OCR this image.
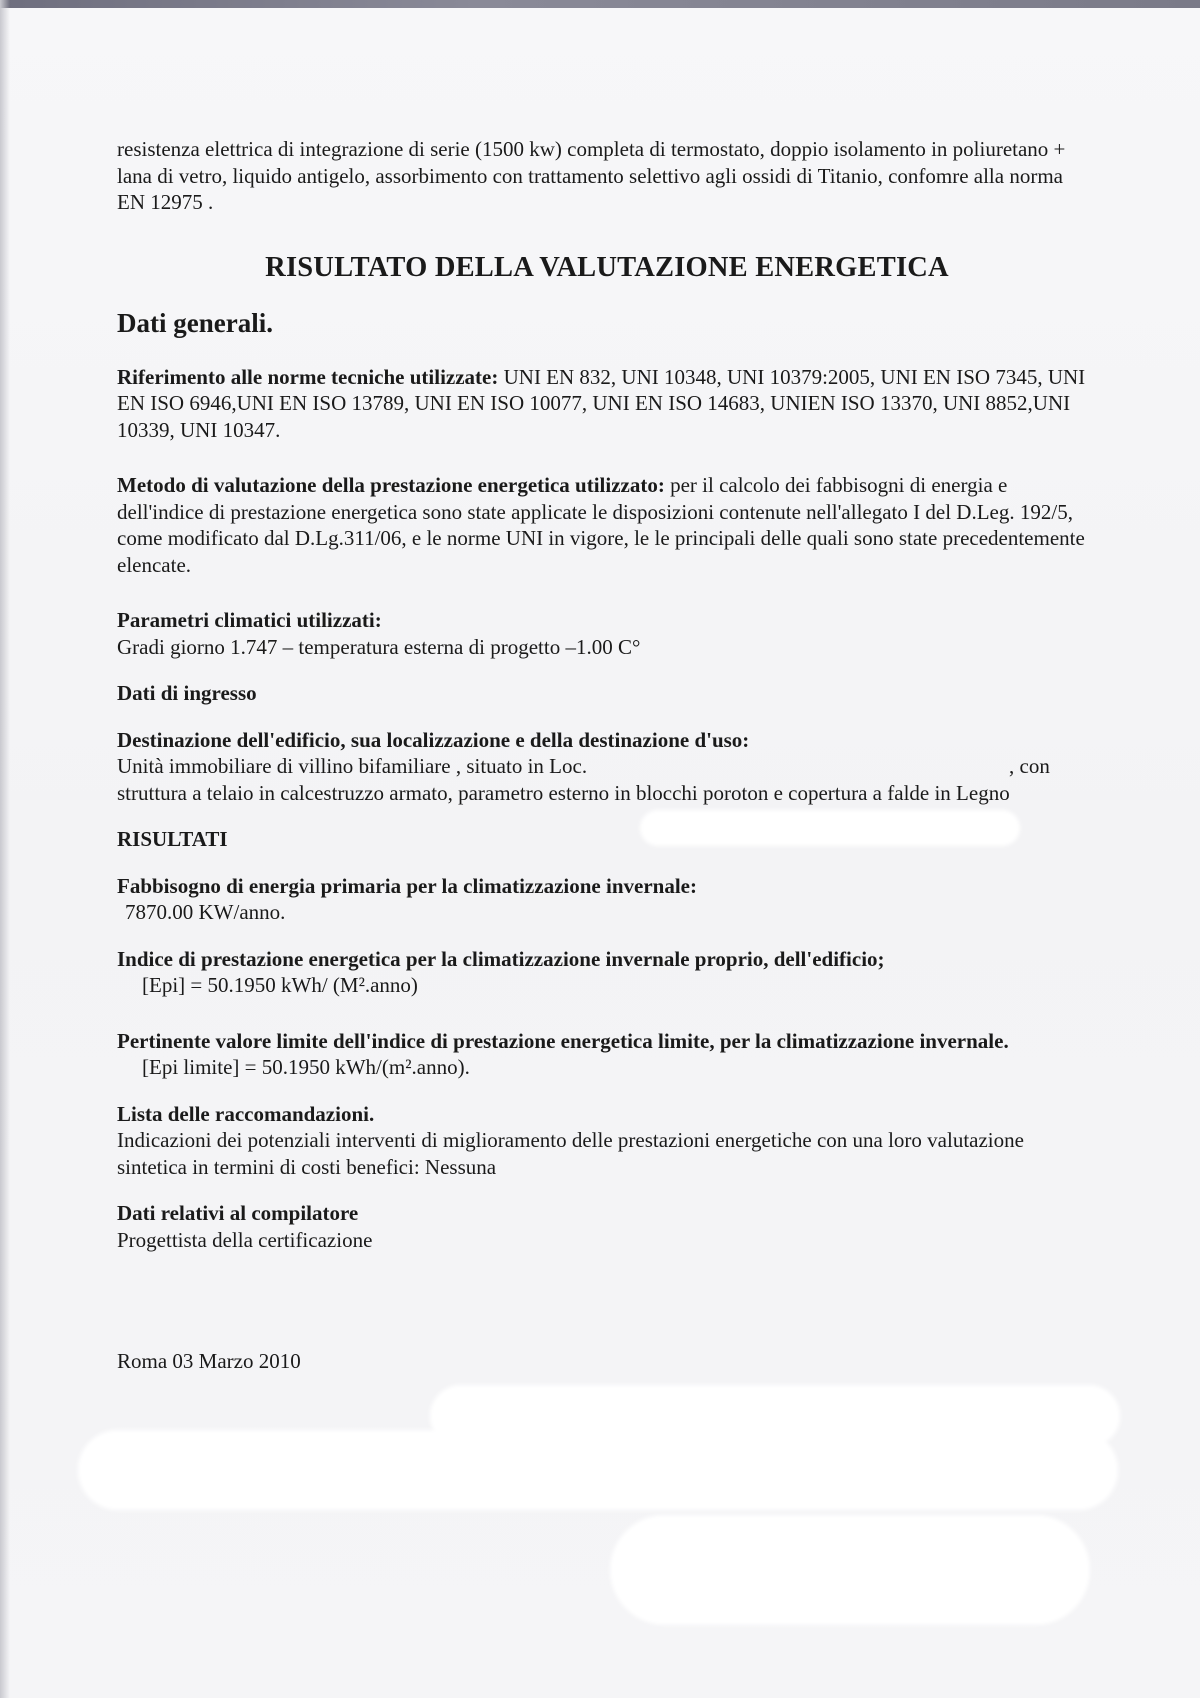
resistenza elettrica di integrazione di serie (1500 kw) completa di termostato, doppio isolamento in poliuretano + lana di vetro, liquido antigelo, assorbimento con trattamento selettivo agli ossidi di Titanio, confomre alla norma EN 12975 .

RISULTATO DELLA VALUTAZIONE ENERGETICA

Dati generali.

Riferimento alle norme tecniche utilizzate: UNI EN 832, UNI 10348, UNI 10379:2005, UNI EN ISO 7345, UNI EN ISO 6946,UNI EN ISO 13789, UNI EN ISO 10077, UNI EN ISO 14683, UNIEN ISO 13370, UNI 8852,UNI 10339, UNI 10347.

Metodo di valutazione della prestazione energetica utilizzato: per il calcolo dei fabbisogni di energia e dell'indice di prestazione energetica sono state applicate le disposizioni contenute nell'allegato I del D.Leg. 192/5, come modificato dal D.Lg.311/06, e le norme UNI in vigore, le le principali delle quali sono state precedentemente elencate.

Parametri climatici utilizzati:

Gradi giorno 1.747 – temperatura esterna di progetto –1.00 C°

Dati di ingresso

Destinazione dell'edificio, sua localizzazione e della destinazione d'uso:

Unità immobiliare di villino bifamiliare , situato in Loc.	, con

struttura a telaio in calcestruzzo armato, parametro esterno in blocchi poroton e copertura a falde in Legno

RISULTATI

Fabbisogno di energia primaria per la climatizzazione invernale:

7870.00 KW/anno.

Indice di prestazione energetica per la climatizzazione invernale proprio, dell'edificio;

[Epi] = 50.1950 kWh/ (M².anno)

Pertinente valore limite dell'indice di prestazione energetica limite, per la climatizzazione invernale.

[Epi limite] = 50.1950 kWh/(m².anno).

Lista delle raccomandazioni.

Indicazioni dei potenziali interventi di miglioramento delle prestazioni energetiche con una loro valutazione sintetica in termini di costi benefici: Nessuna

Dati relativi al compilatore

Progettista della certificazione

Roma 03 Marzo 2010
